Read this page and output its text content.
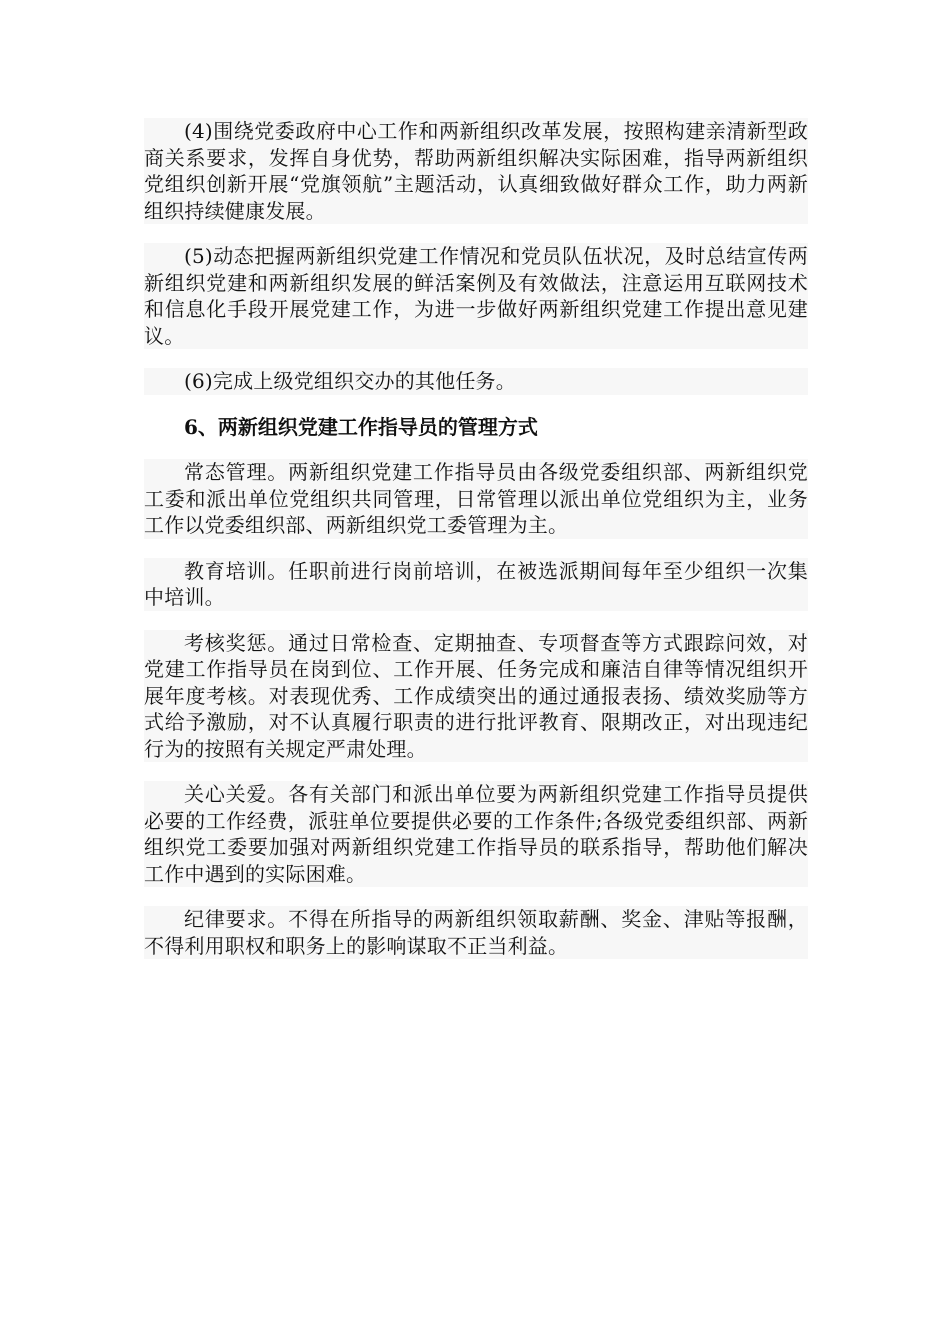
(4)围绕党委政府中心工作和两新组织改革发展，按照构建亲清新型政商关系要求，发挥自身优势，帮助两新组织解决实际困难，指导两新组织党组织创新开展“党旗领航”主题活动，认真细致做好群众工作，助力两新组织持续健康发展。

(5)动态把握两新组织党建工作情况和党员队伍状况，及时总结宣传两新组织党建和两新组织发展的鲜活案例及有效做法，注意运用互联网技术和信息化手段开展党建工作，为进一步做好两新组织党建工作提出意见建议。

(6)完成上级党组织交办的其他任务。

6、两新组织党建工作指导员的管理方式

常态管理。两新组织党建工作指导员由各级党委组织部、两新组织党工委和派出单位党组织共同管理，日常管理以派出单位党组织为主，业务工作以党委组织部、两新组织党工委管理为主。

教育培训。任职前进行岗前培训，在被选派期间每年至少组织一次集中培训。

考核奖惩。通过日常检查、定期抽查、专项督查等方式跟踪问效，对党建工作指导员在岗到位、工作开展、任务完成和廉洁自律等情况组织开展年度考核。对表现优秀、工作成绩突出的通过通报表扬、绩效奖励等方式给予激励，对不认真履行职责的进行批评教育、限期改正，对出现违纪行为的按照有关规定严肃处理。

关心关爱。各有关部门和派出单位要为两新组织党建工作指导员提供必要的工作经费，派驻单位要提供必要的工作条件;各级党委组织部、两新组织党工委要加强对两新组织党建工作指导员的联系指导，帮助他们解决工作中遇到的实际困难。

纪律要求。不得在所指导的两新组织领取薪酬、奖金、津贴等报酬，不得利用职权和职务上的影响谋取不正当利益。
